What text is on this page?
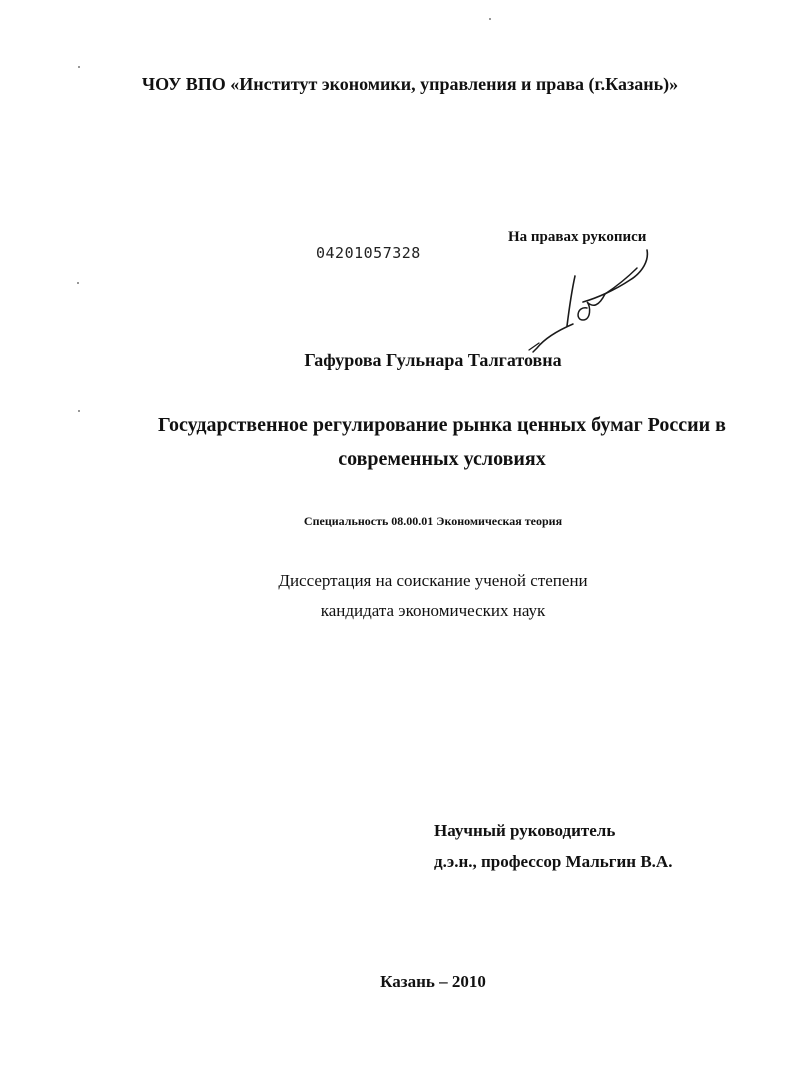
ЧОУ ВПО «Институт экономики, управления и права (г.Казань)»
04201057328
На правах рукописи
Гафурова Гульнара Талгатовна
Государственное регулирование рынка ценных бумаг России в
современных условиях
Специальность 08.00.01 Экономическая теория
Диссертация на соискание ученой степени
кандидата экономических наук
Научный руководитель
д.э.н., профессор Мальгин В.А.
Казань – 2010
